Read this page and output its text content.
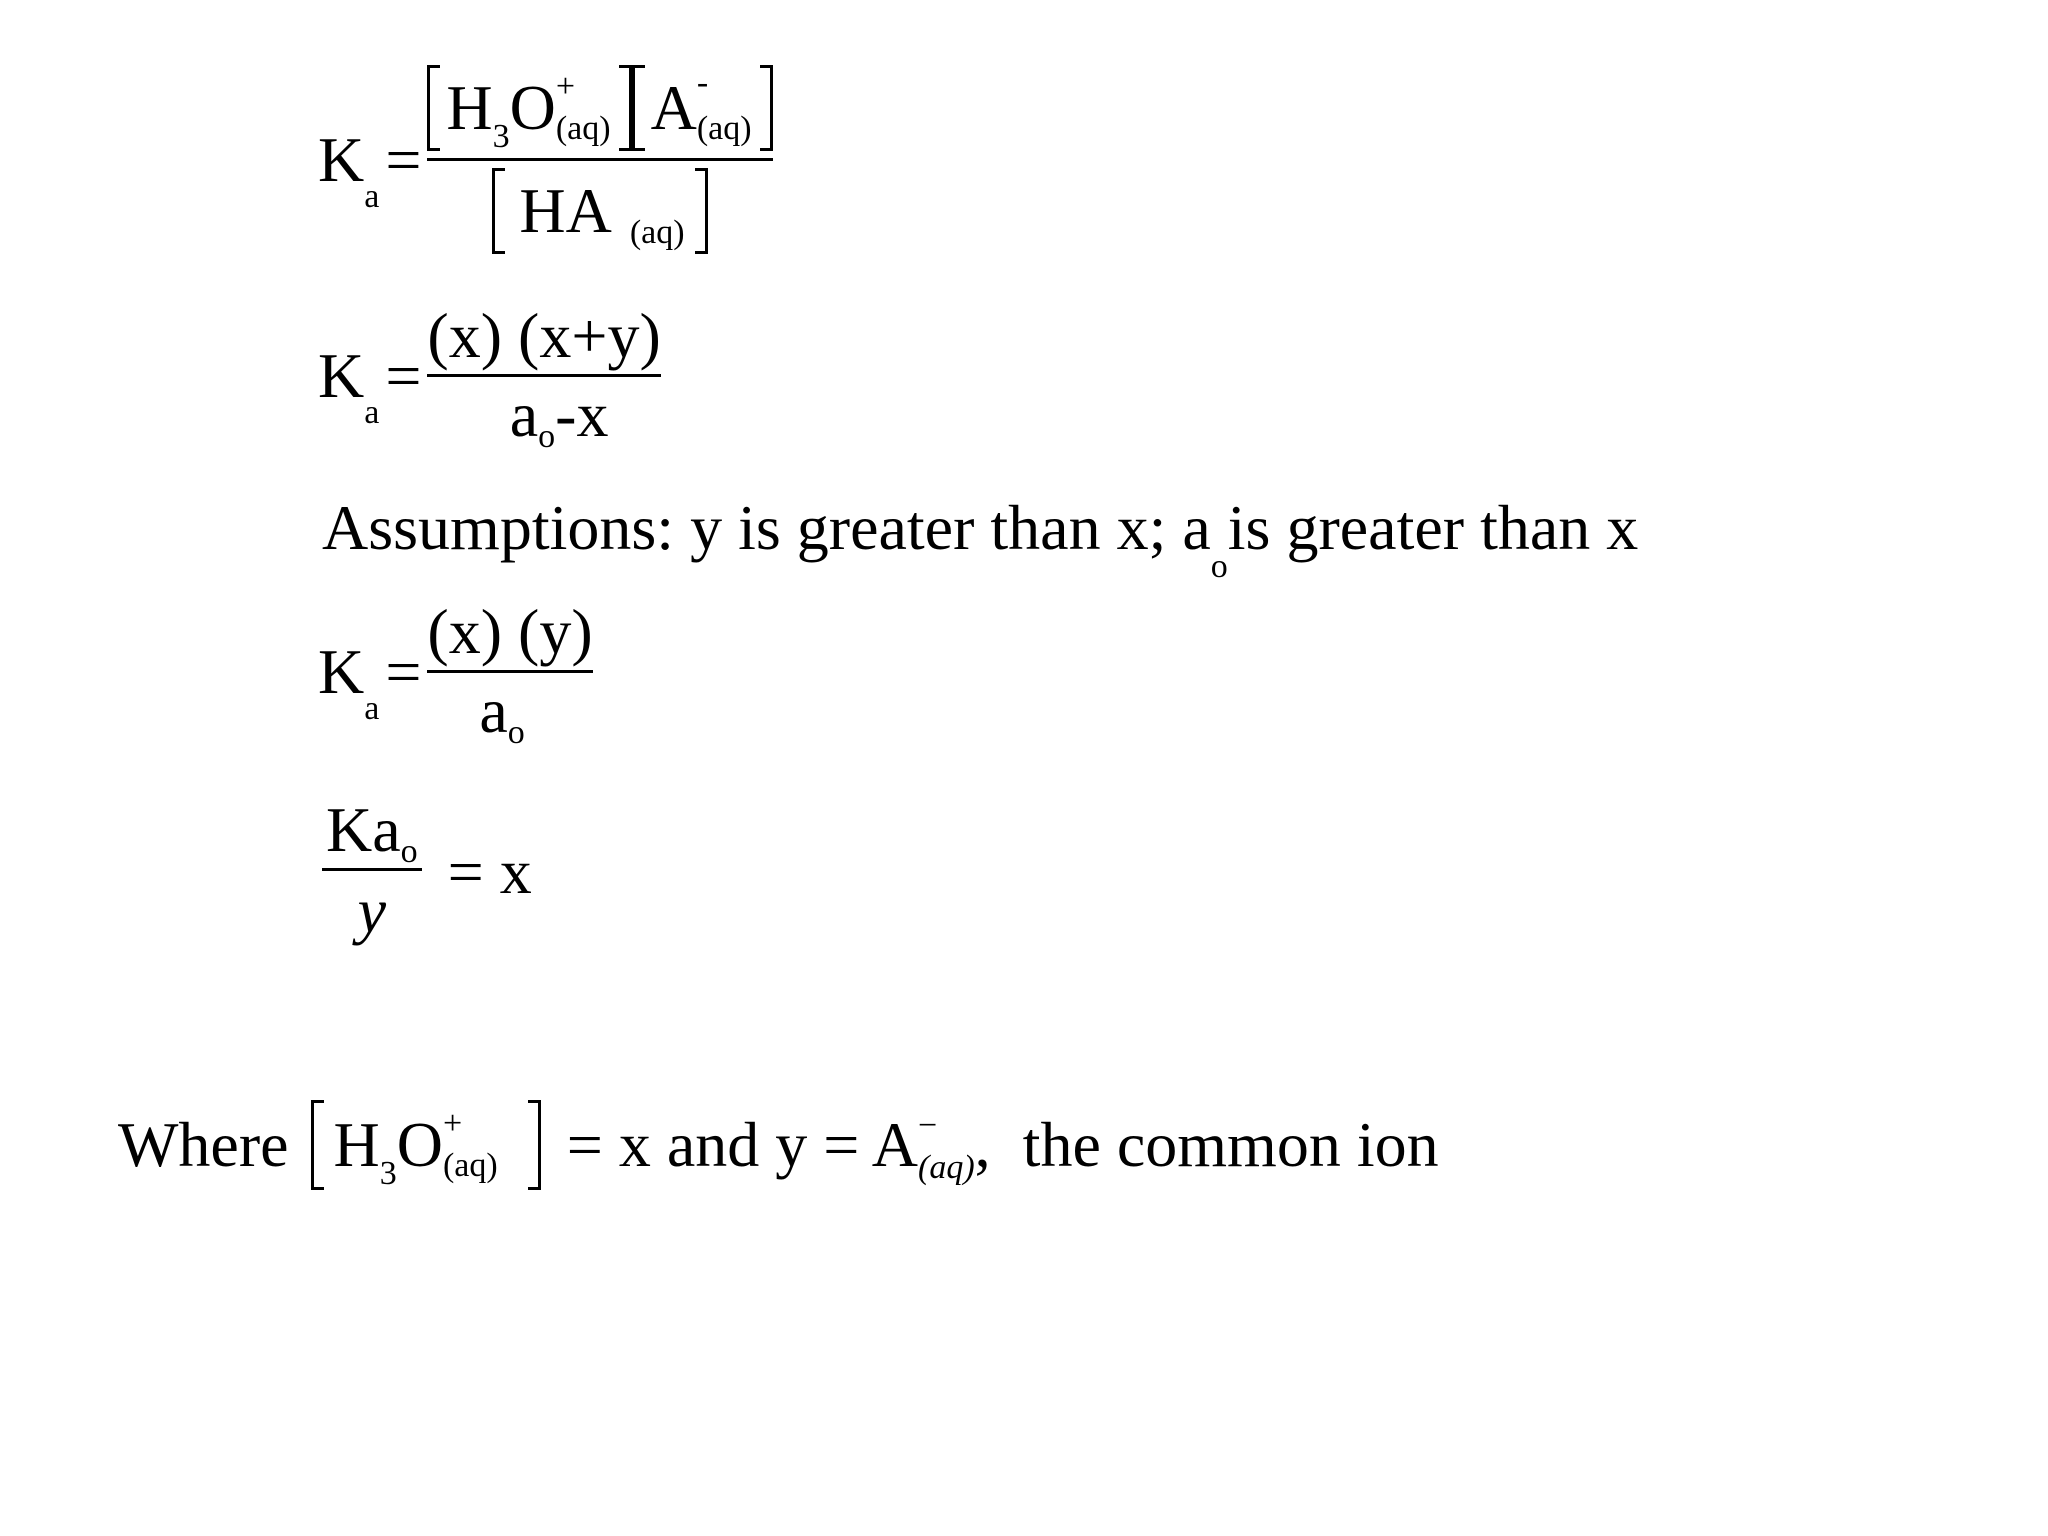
$K_a$
=
$H_3O$ +
(aq) A -
(aq)
HA (aq)
$K_a$
= $\frac{(x) (x+y)}{\text{a o -x}}$
Assumptions: y is greater than x; $a_ois$ greater than x
$K_a$
= $\frac{(x) (y)}{\text{a o}}$
$\frac{\text{Ka o}}{y} = x$
Where $H_3O$ +
(aq) = x and y = A −
(aq) ,  the common ion
